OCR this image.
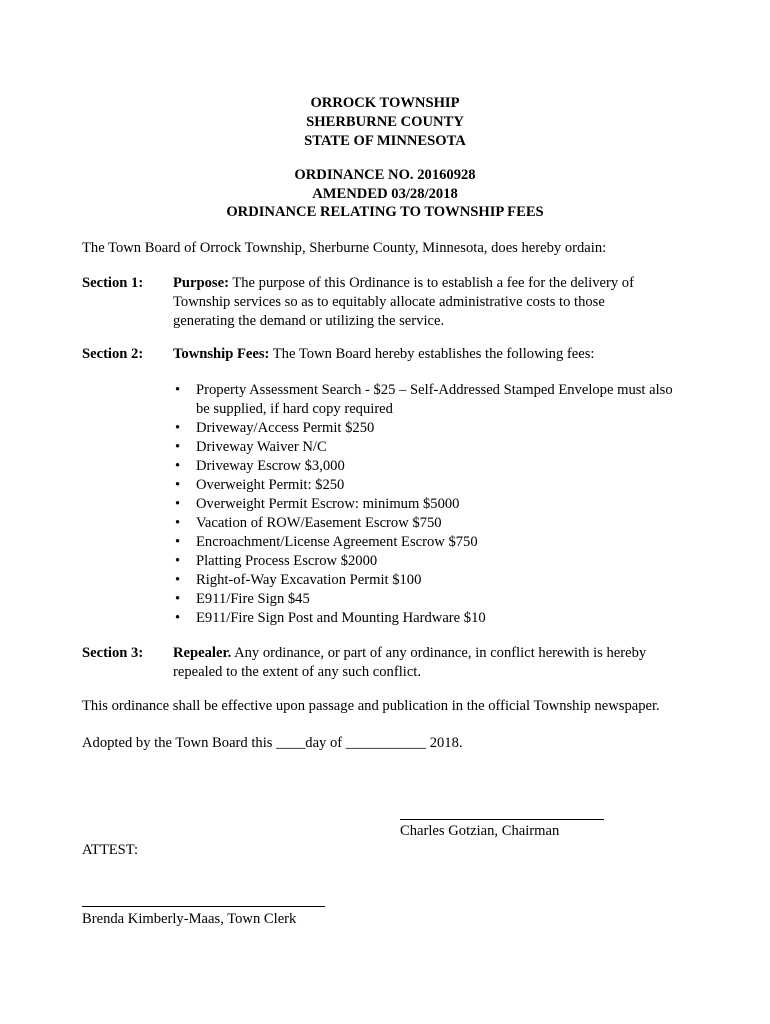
ORROCK TOWNSHIP
SHERBURNE COUNTY
STATE OF MINNESOTA
ORDINANCE NO. 20160928
AMENDED 03/28/2018
ORDINANCE RELATING TO TOWNSHIP FEES
The Town Board of Orrock Township, Sherburne County, Minnesota, does hereby ordain:
Section 1: Purpose: The purpose of this Ordinance is to establish a fee for the delivery of
Township services so as to equitably allocate administrative costs to those
generating the demand or utilizing the service.
Section 2: Township Fees: The Town Board hereby establishes the following fees:
• Property Assessment Search - $25 – Self-Addressed Stamped Envelope must also be supplied, if hard copy required
• Driveway/Access Permit $250
• Driveway Waiver N/C
• Driveway Escrow $3,000
• Overweight Permit: $250
• Overweight Permit Escrow: minimum $5000
• Vacation of ROW/Easement Escrow $750
• Encroachment/License Agreement Escrow $750
• Platting Process Escrow $2000
• Right-of-Way Excavation Permit $100
• E911/Fire Sign $45
• E911/Fire Sign Post and Mounting Hardware $10
Section 3: Repealer. Any ordinance, or part of any ordinance, in conflict herewith is hereby
repealed to the extent of any such conflict.
This ordinance shall be effective upon passage and publication in the official Township newspaper.
Adopted by the Town Board this ____day of ___________ 2018.
Charles Gotzian, Chairman
ATTEST:
Brenda Kimberly-Maas, Town Clerk
